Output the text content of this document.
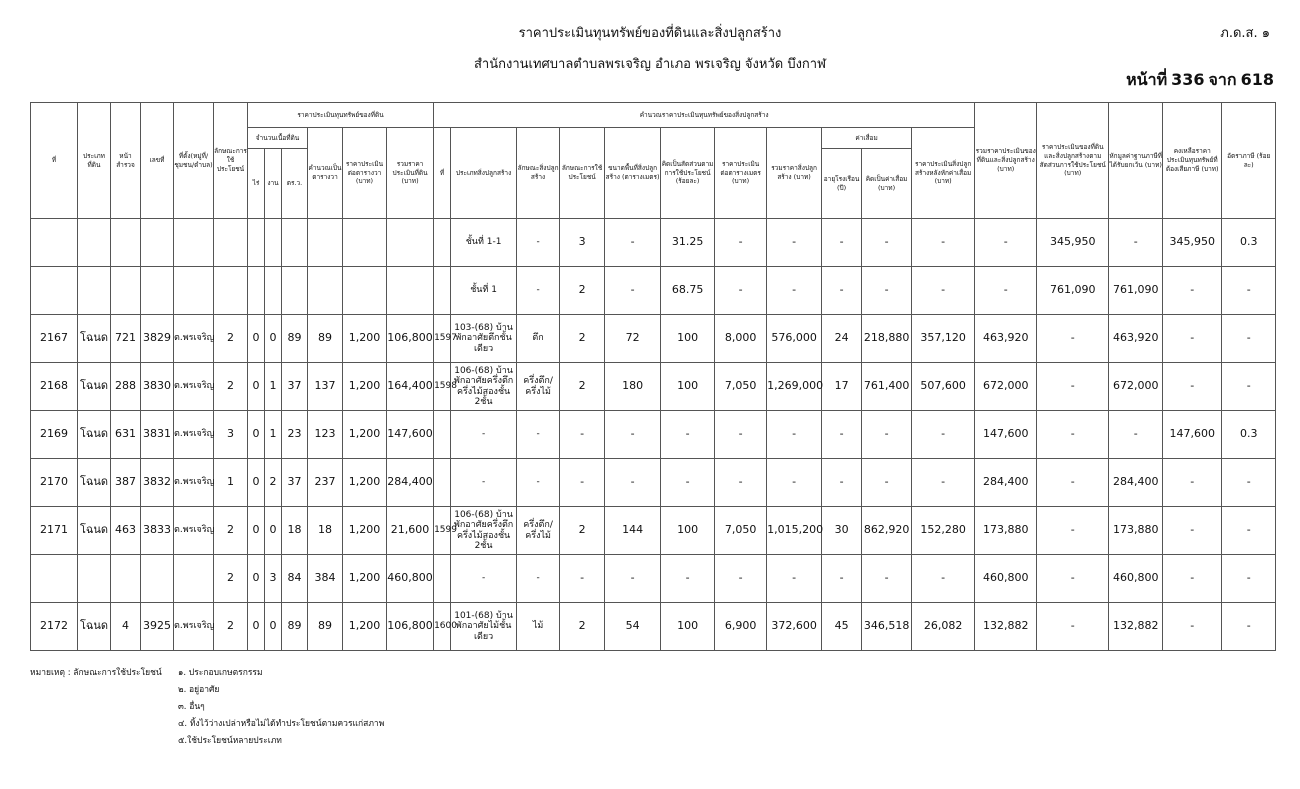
ราคาประเมินทุนทรัพย์ของที่ดินและสิ่งปลูกสร้าง
สำนักงานเทศบาลตำบลพรเจริญ อำเภอ พรเจริญ จังหวัด บึงกาฬ
ภ.ด.ส. ๑
หน้าที่ 336 จาก 618
ที่	ประเภทที่ดิน	หน้าสำรวจ	เลขที่	ที่ตั้ง(หมู่ที่/ชุมชน/ตำบล)	ลักษณะการใช้ประโยชน์	ราคาประเมินทุนทรัพย์ของที่ดิน						คำนวณราคาประเมินทุนทรัพย์ของสิ่งปลูกสร้าง											รวมราคาประเมินของที่ดินและสิ่งปลูกสร้าง (บาท)	ราคาประเมินของที่ดินและสิ่งปลูกสร้างตามสัดส่วนการใช้ประโยชน์ (บาท)	หักมูลค่าฐานภาษีที่ได้รับยกเว้น (บาท)	คงเหลือราคาประเมินทุนทรัพย์ที่ต้องเสียภาษี (บาท)	อัตราภาษี (ร้อยละ)
						จำนวนเนื้อที่ดิน			คำนวณเป็นตารางวา	ราคาประเมินต่อตารางวา (บาท)	รวมราคาประเมินที่ดิน (บาท)	ที่	ประเภทสิ่งปลูกสร้าง	ลักษณะสิ่งปลูกสร้าง	ลักษณะการใช้ประโยชน์	ขนาดพื้นที่สิ่งปลูกสร้าง (ตารางเมตร)	คิดเป็นสัดส่วนตามการใช้ประโยชน์ (ร้อยละ)	ราคาประเมินต่อตารางเมตร (บาท)	รวมราคาสิ่งปลูกสร้าง (บาท)	ค่าเสื่อม		ราคาประเมินสิ่งปลูกสร้างหลังหักค่าเสื่อม (บาท)					
						ไร่	งาน	ตร.ว.												อายุโรงเรือน (ปี)	คิดเป็นค่าเสื่อม (บาท)						
													ชั้นที่ 1-1	-	3	-	31.25	-	-	-	-	-	-	345,950	-	345,950	0.3
													ชั้นที่ 1	-	2	-	68.75	-	-	-	-	-	-	761,090	761,090	-	-
2167	โฉนด	721	3829	ต.พรเจริญ	2	0	0	89	89	1,200	106,800	1597	103-(68) บ้านพักอาศัยตึกชั้นเดียว	ตึก	2	72	100	8,000	576,000	24	218,880	357,120	463,920	-	463,920	-	-
2168	โฉนด	288	3830	ต.พรเจริญ	2	0	1	37	137	1,200	164,400	1598	106-(68) บ้านพักอาศัยครึ่งตึกครึ่งไม้สองชั้น 2ชั้น	ครึ่งตึก/ครึ่งไม้	2	180	100	7,050	1,269,000	17	761,400	507,600	672,000	-	672,000	-	-
2169	โฉนด	631	3831	ต.พรเจริญ	3	0	1	23	123	1,200	147,600		-	-	-	-	-	-	-	-	-	-	147,600	-	-	147,600	0.3
2170	โฉนด	387	3832	ต.พรเจริญ	1	0	2	37	237	1,200	284,400		-	-	-	-	-	-	-	-	-	-	284,400	-	284,400	-	-
2171	โฉนด	463	3833	ต.พรเจริญ	2	0	0	18	18	1,200	21,600	1599	106-(68) บ้านพักอาศัยครึ่งตึกครึ่งไม้สองชั้น 2ชั้น	ครึ่งตึก/ครึ่งไม้	2	144	100	7,050	1,015,200	30	862,920	152,280	173,880	-	173,880	-	-
					2	0	3	84	384	1,200	460,800		-	-	-	-	-	-	-	-	-	-	460,800	-	460,800	-	-
2172	โฉนด	4	3925	ต.พรเจริญ	2	0	0	89	89	1,200	106,800	1600	101-(68) บ้านพักอาศัยไม้ชั้นเดียว	ไม้	2	54	100	6,900	372,600	45	346,518	26,082	132,882	-	132,882	-	-
หมายเหตุ : ลักษณะการใช้ประโยชน์	๑. ประกอบเกษตรกรรม
๒. อยู่อาศัย
๓. อื่นๆ
๔. ทิ้งไว้ว่างเปล่าหรือไม่ได้ทำประโยชน์ตามควรแก่สภาพ
๕.ใช้ประโยชน์หลายประเภท
